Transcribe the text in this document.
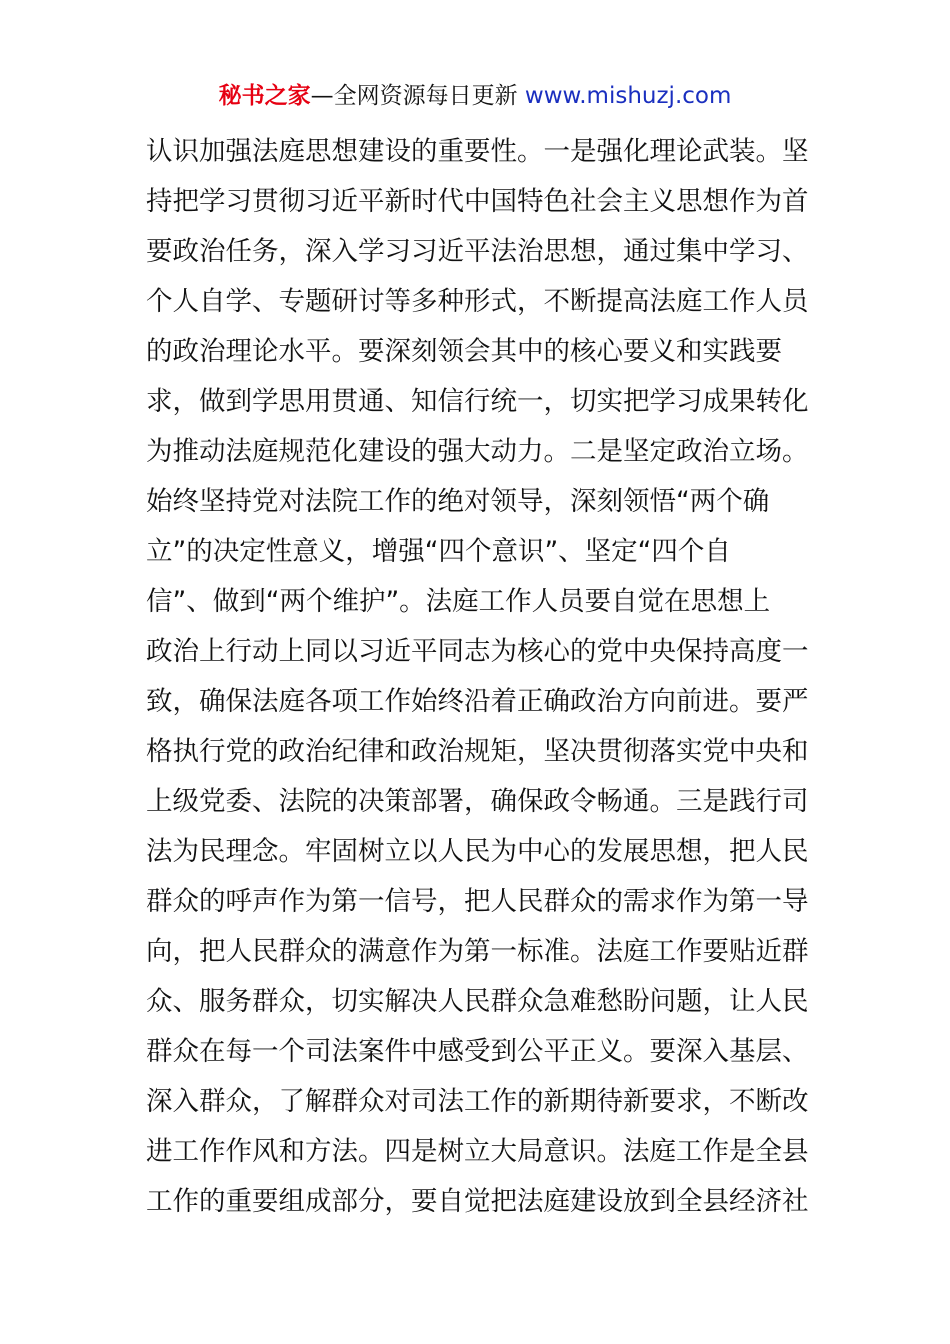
秘书之家—全网资源每日更新 www.mishuzj.com
认识加强法庭思想建设的重要性。一是强化理论武装。坚
持把学习贯彻习近平新时代中国特色社会主义思想作为首
要政治任务，深入学习习近平法治思想，通过集中学习、
个人自学、专题研讨等多种形式，不断提高法庭工作人员
的政治理论水平。要深刻领会其中的核心要义和实践要
求，做到学思用贯通、知信行统一，切实把学习成果转化
为推动法庭规范化建设的强大动力。二是坚定政治立场。
始终坚持党对法院工作的绝对领导，深刻领悟“两个确
立”的决定性意义，增强“四个意识”、坚定“四个自
信”、做到“两个维护”。法庭工作人员要自觉在思想上
政治上行动上同以习近平同志为核心的党中央保持高度一
致，确保法庭各项工作始终沿着正确政治方向前进。要严
格执行党的政治纪律和政治规矩，坚决贯彻落实党中央和
上级党委、法院的决策部署，确保政令畅通。三是践行司
法为民理念。牢固树立以人民为中心的发展思想，把人民
群众的呼声作为第一信号，把人民群众的需求作为第一导
向，把人民群众的满意作为第一标准。法庭工作要贴近群
众、服务群众，切实解决人民群众急难愁盼问题，让人民
群众在每一个司法案件中感受到公平正义。要深入基层、
深入群众，了解群众对司法工作的新期待新要求，不断改
进工作作风和方法。四是树立大局意识。法庭工作是全县
工作的重要组成部分，要自觉把法庭建设放到全县经济社
